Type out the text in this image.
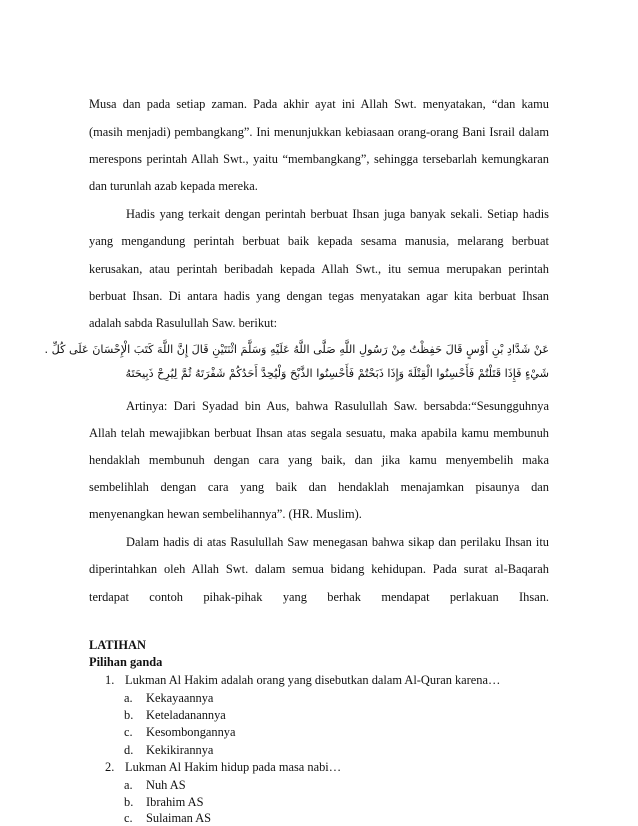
Musa dan pada setiap zaman. Pada akhir ayat ini Allah Swt. menyatakan, “dan kamu
(masih menjadi) pembangkang”. Ini menunjukkan kebiasaan orang-orang Bani Israil dalam
merespons perintah Allah Swt., yaitu “membangkang”, sehingga tersebarlah kemungkaran
dan turunlah azab kepada mereka.
Hadis yang terkait dengan perintah berbuat Ihsan juga banyak sekali. Setiap hadis
yang mengandung perintah berbuat baik kepada sesama manusia, melarang berbuat
kerusakan, atau perintah beribadah kepada Allah Swt., itu semua merupakan perintah
berbuat Ihsan. Di antara hadis yang dengan tegas menyatakan agar kita berbuat Ihsan
adalah sabda Rasulullah Saw. berikut:
عَنْ شَدَّادِ بْنِ أَوْسٍ قَالَ حَفِظْتُ مِنْ رَسُولِ اللَّهِ صَلَّى اللَّهُ عَلَيْهِ وَسَلَّمَ اثْنَتَيْنِ قَالَ إِنَّ اللَّهَ كَتَبَ الْإِحْسَانَ عَلَى كُلِّ .
شَيْءٍ فَإِذَا قَتَلْتُمْ فَأَحْسِنُوا الْقِتْلَةَ وَإِذَا ذَبَحْتُمْ فَأَحْسِنُوا الذَّبْحَ وَلْيُحِدَّ أَحَدُكُمْ شَفْرَتَهُ ثُمَّ لِيُرِحْ ذَبِيحَتَهُ
Artinya: Dari Syadad bin Aus, bahwa Rasulullah Saw. bersabda:“Sesungguhnya
Allah telah mewajibkan berbuat Ihsan atas segala sesuatu, maka apabila kamu membunuh
hendaklah membunuh dengan cara yang baik, dan jika kamu menyembelih maka
sembelihlah dengan cara yang baik dan hendaklah menajamkan pisaunya dan
menyenangkan hewan sembelihannya”. (HR. Muslim).
Dalam hadis di atas Rasulullah Saw menegasan bahwa sikap dan perilaku Ihsan itu
diperintahkan oleh Allah Swt. dalam semua bidang kehidupan. Pada surat al-Baqarah
terdapat contoh pihak-pihak yang berhak mendapat perlakuan Ihsan.
LATIHAN
Pilihan ganda
1. Lukman Al Hakim adalah orang yang disebutkan dalam Al-Quran karena…
a. Kekayaannya
b. Keteladanannya
c. Kesombongannya
d. Kekikirannya
2. Lukman Al Hakim hidup pada masa nabi…
a. Nuh AS
b. Ibrahim AS
c. Sulaiman AS
